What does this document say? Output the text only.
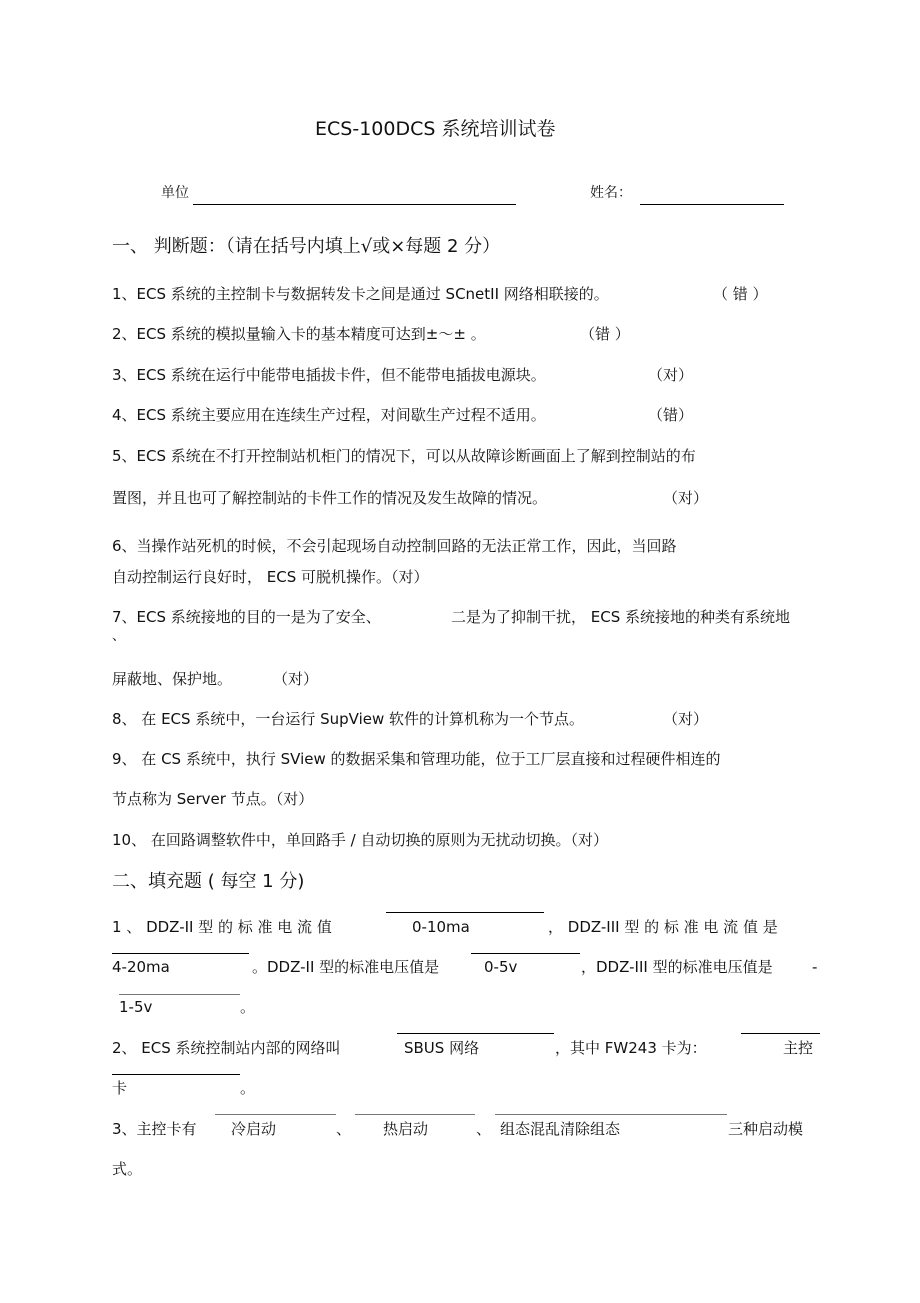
ECS-100DCS 系统培训试卷
单位	姓名：
一、 判断题：（请在括号内填上√或×每题 2 分）
1、ECS 系统的主控制卡与数据转发卡之间是通过 SCnetII 网络相联接的。	（ 错 ）
2、ECS 系统的模拟量输入卡的基本精度可达到±～± 。	（错 ）
3、ECS 系统在运行中能带电插拔卡件，但不能带电插拔电源块。	（对）
4、ECS 系统主要应用在连续生产过程，对间歇生产过程不适用。	（错）
5、ECS 系统在不打开控制站机柜门的情况下，可以从故障诊断画面上了解到控制站的布
置图，并且也可了解控制站的卡件工作的情况及发生故障的情况。	（对）
6、当操作站死机的时候，不会引起现场自动控制回路的无法正常工作，因此，当回路
自动控制运行良好时， ECS 可脱机操作。（对）
7、ECS 系统接地的目的一是为了安全、	二是为了抑制干扰， ECS 系统接地的种类有系统地
、
屏蔽地、保护地。	（对）
8、 在 ECS 系统中，一台运行 SupView 软件的计算机称为一个节点。	（对）
9、 在 CS 系统中，执行 SView 的数据采集和管理功能，位于工厂层直接和过程硬件相连的
节点称为 Server 节点。（对）
10、 在回路调整软件中，单回路手 / 自动切换的原则为无扰动切换。（对）
二、填充题 ( 每空 1 分)
1 、 DDZ-II 型 的 标 准 电 流 值	0-10ma	， DDZ-III 型 的 标 准 电 流 值 是
4-20ma	。DDZ-II 型的标准电压值是	0-5v	，DDZ-III 型的标准电压值是	-
1-5v	。
2、 ECS 系统控制站内部的网络叫	SBUS 网络	，其中 FW243 卡为：	主控
卡	。
3、主控卡有 冷启动	、 热启动	、 组态混乱清除组态	三种启动模
式。
